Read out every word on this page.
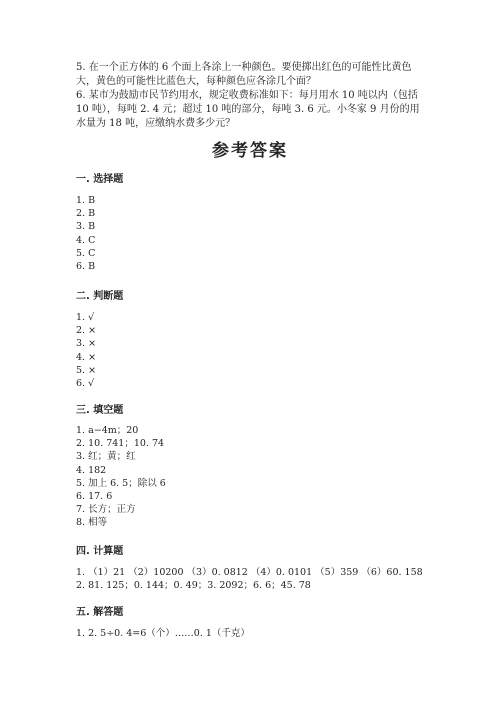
5. 在一个正方体的 6 个面上各涂上一种颜色。要使掷出红色的可能性比黄色大，黄色的可能性比蓝色大，每种颜色应各涂几个面？
6. 某市为鼓励市民节约用水，规定收费标准如下：每月用水 10 吨以内（包括 10 吨），每吨 2. 4 元；超过 10 吨的部分，每吨 3. 6 元。小冬家 9 月份的用水量为 18 吨，应缴纳水费多少元？
参考答案
一. 选择题
1. B
2. B
3. B
4. C
5. C
6. B
二. 判断题
1. √
2. ×
3. ×
4. ×
5. ×
6. √
三. 填空题
1. a−4m；20
2. 10. 741；10. 74
3. 红；黄；红
4. 182
5. 加上 6. 5；除以 6
6. 17. 6
7. 长方；正方
8. 相等
四. 计算题
1. （1）21 （2）10200 （3）0. 0812 （4）0. 0101 （5）359 （6）60. 158
2. 81. 125；0. 144；0. 49；3. 2092；6. 6；45. 78
五. 解答题
1. 2. 5÷0. 4=6（个）……0. 1（千克）
